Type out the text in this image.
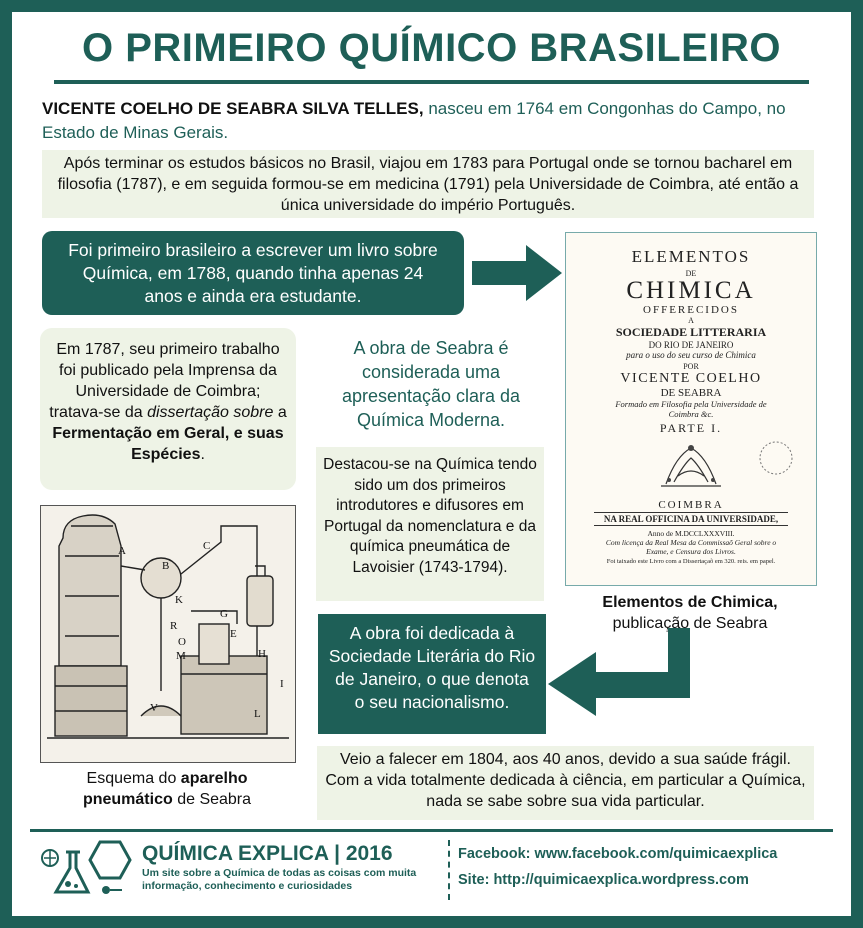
O PRIMEIRO QUÍMICO BRASILEIRO
VICENTE COELHO DE SEABRA SILVA TELLES, nasceu em 1764 em Congonhas do Campo, no Estado de Minas Gerais.
Após terminar os estudos básicos no Brasil, viajou em 1783 para Portugal onde se tornou bacharel em filosofia (1787), e em seguida formou-se em medicina (1791) pela Universidade de Coimbra, até então a única universidade do império Português.
Foi primeiro brasileiro a escrever um livro sobre Química, em 1788, quando tinha apenas 24 anos e ainda era estudante.
ELEMENTOS
DE
CHIMICA
OFFERECIDOS
A
SOCIEDADE LITTERARIA
DO RIO DE JANEIRO
para o uso do seu curso de Chimica
POR
VICENTE COELHO
DE SEABRA
Formado em Filosofia pela Universidade de
Coimbra &c.
PARTE I.
COIMBRA
NA REAL OFFICINA DA UNIVERSIDADE,
Anno de M.DCCLXXXVIII.
Com licença da Real Mesa da Commissaõ Geral sobre o
Exame, e Censura dos Livros.
Foi taixado este Livro com a Dissertaçaõ em 320. reis. em papel.
Elementos de Chimica,
publicação de Seabra
Em 1787, seu primeiro trabalho foi publicado pela Imprensa da Universidade de Coimbra; tratava-se da dissertação sobre a Fermentação em Geral, e suas Espécies.
A obra de Seabra é considerada uma apresentação clara da Química Moderna.
Destacou-se na Química tendo sido um dos primeiros introdutores e difusores em Portugal da nomenclatura e da química pneumática de Lavoisier (1743-1794).
A
B
C
G
E
H
I
L
M
O
R
K
V
Esquema do aparelho pneumático de Seabra
A obra foi dedicada à Sociedade Literária do Rio de Janeiro, o que denota o seu nacionalismo.
Veio a falecer em 1804, aos 40 anos, devido a sua saúde frágil. Com a vida totalmente dedicada à ciência, em particular a Química, nada se sabe sobre sua vida particular.
QUÍMICA EXPLICA | 2016
Um site sobre a Química de todas as coisas com muita informação, conhecimento e curiosidades
Facebook: www.facebook.com/quimicaexplica
Site: http://quimicaexplica.wordpress.com
